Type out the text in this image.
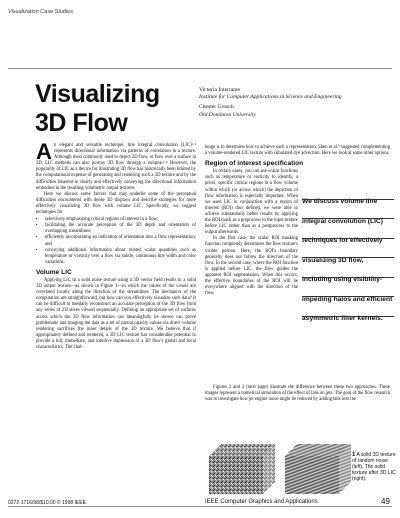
Visualization Case Studies
Visualizing
3D Flow
Victoria Interrante
Institute for Computer Applications in Science and Engineering
Chester Grosch
Old Dominion University

An elegant and versatile technique, line integral convolution (LIC)¹˒² represents directional information via patterns of correlation in a texture. Although most commonly used to depict 2D flow, or flow over a surface in 3D, LIC methods can also portray 3D flow through a volume.³˒⁴ However, the popularity of LIC as a device for illustrating 3D flow has historically been limited by the computational expense of generating and rendering such a 3D texture and by the difficulties inherent in clearly and effectively conveying the directional information embodied in the resulting volumetric output textures.

Here we discuss some factors that may underlie some of the perceptual difficulties encountered with dense 3D displays and describe strategies for more effectively visualizing 3D flow with volume LIC. Specifically, we suggest techniques for

• selectively emphasizing critical regions of interest in a flow;
• facilitating the accurate perception of the 3D depth and orientation of overlapping streamlines;
• efficiently incorporating an indication of orientation into a flow representation; and
• conveying additional information about related scalar quantities such as temperature or vorticity over a flow via subtle, continuous line width and color variations.
Volume LIC

Applying LIC to a solid noise texture using a 3D vector field results in a solid 3D output texture—as shown in Figure 1—in which the values of the voxels are correlated locally along the direction of the streamlines. The mechanics of the computation are straightforward, but how can you effectively visualize such data? It can be difficult to mentally reconstruct an accurate perception of the 3D flow from any series of 2D slices viewed sequentially. Defining an appropriate set of surfaces across which the 3D flow information can meaningfully be shown can prove problematic and imaging the data as a set of partial opacity values via direct volume rendering sacrifices the inner details of the 3D texture. We believe that if appropriately defined and rendered, a 3D LIC texture has considerable potential to provide a full, immediate, and intuitive impression of a 3D flow's global and local characteristics. The chal-

lenge is to determine how to achieve such a representation. Shen et al.⁵ suggested complementing a volume-rendered LIC texture with simulated dye advection. Here we look at some other options.

Region of interest specification

In certain cases, you can use scalar functions such as temperature or vorticity to identify, a priori, specific critical regions in a flow volume within which (or across which) the depiction of flow information is especially important. When we used LIC in conjunction with a region of interest (ROI) thus defined, we were able to achieve substantially better results by applying the ROI mask as a preprocess to the input texture before LIC rather than as a postprocess to the output afterwards.

In the first case, the scalar ROI masking function completely determines the flow texture's visible portion. Here, the ROI's boundary generally does not follow the direction of the flow. In the second case, where the ROI function is applied before LIC, the flow guides the apparent ROI segmentation. When this occurs, the effective boundaries of the ROI will be everywhere aligned with the direction of the flow.

Figures 2 and 3 (next page) illustrate the difference between these two approaches. These images represent a numerical simulation of the effect of tabs on jets. The goal of the flow research was to investigate how jet engine noise might be reduced by adding tabs into the

We discuss volume line
integral convolution (LIC)
techniques for effectively
visualizing 3D flow,
including using visibility-
impeding halos and efficient
asymmetric filter kernels.
1 A solid 3D texture of random noise (left). The solid texture after 3D LIC (right).
0272-1716/98/$10.00 © 1998 IEEE	IEEE Computer Graphics and Applications	49
